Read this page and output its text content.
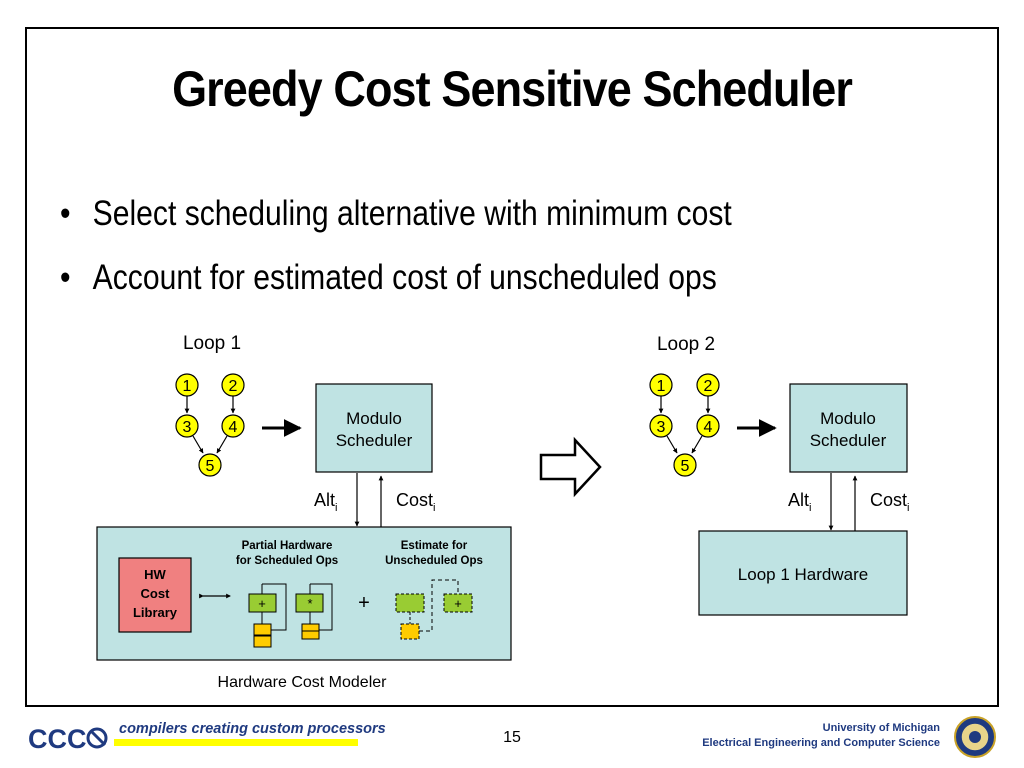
Greedy Cost Sensitive Scheduler
• Select scheduling alternative with minimum cost
• Account for estimated cost of unscheduled ops
Loop 1
1 2
3 4
5
Modulo
Scheduler
Alt$_i$	Cost$_i$
HW
Cost
Library
Partial Hardware
for Scheduled Ops
Estimate for
Unscheduled Ops
+	* +	+
Hardware Cost Modeler
Loop 2
1 2
3 4
5
Modulo
Scheduler
Alt$_i$	Cost$_i$
Loop 1 Hardware
CCC compilers creating custom processors	15
University of Michigan
Electrical Engineering and Computer Science
